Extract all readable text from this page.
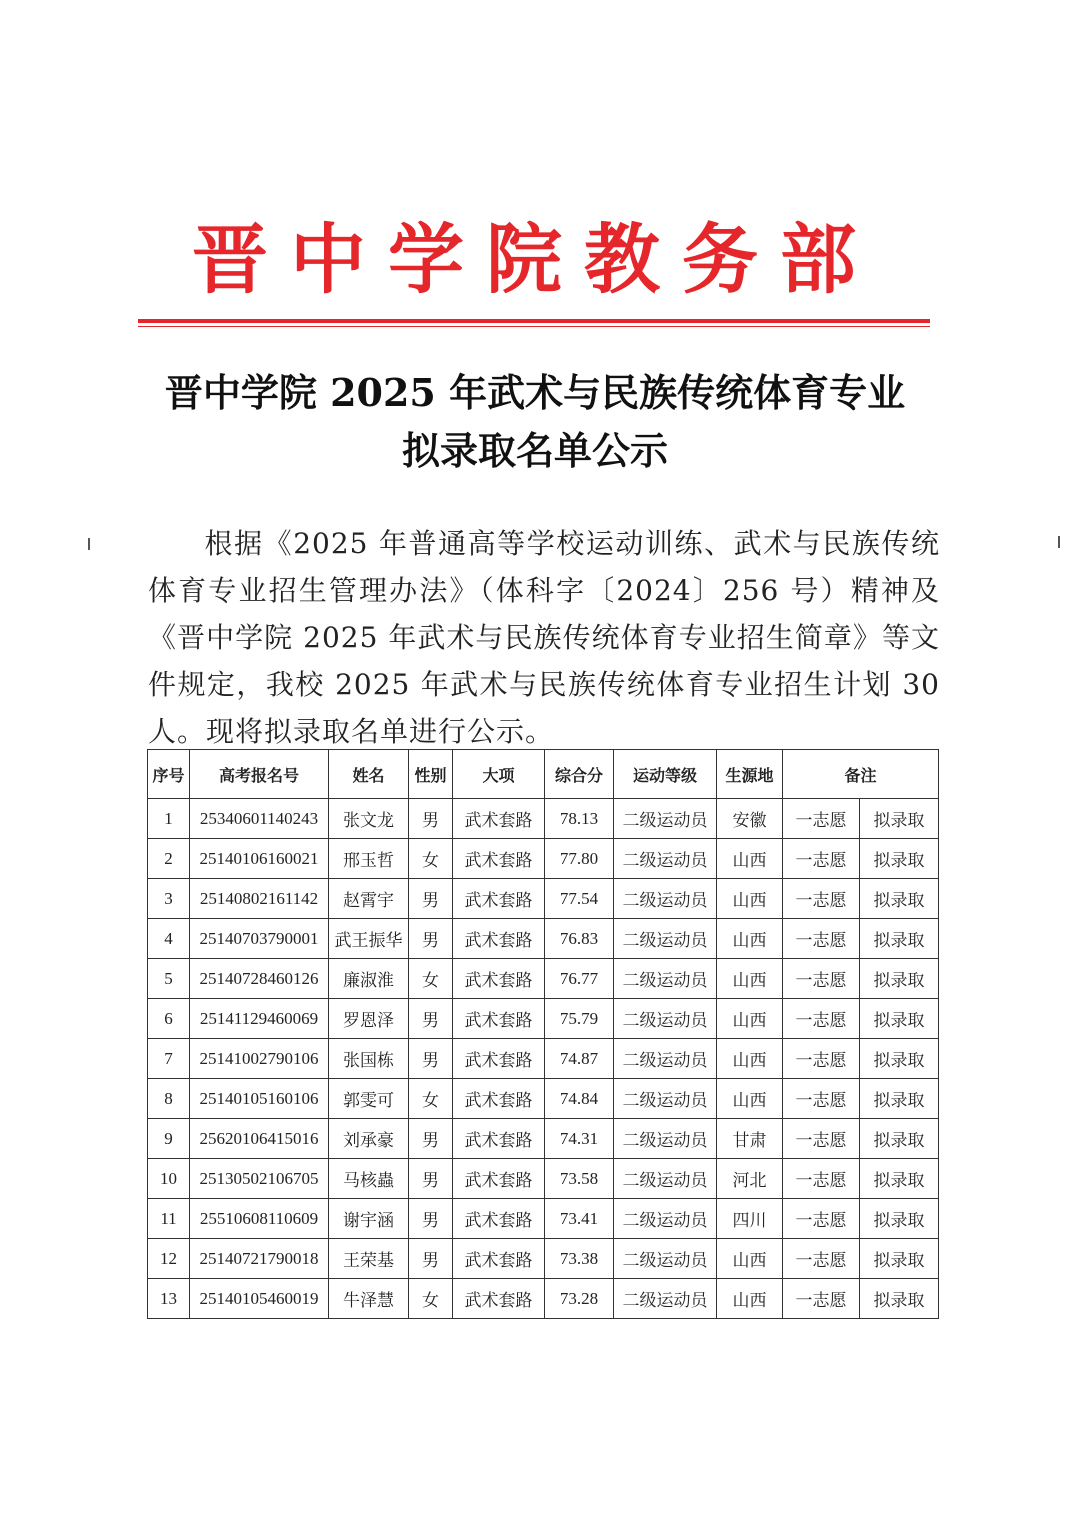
晋中学院教务部
晋中学院 2025 年武术与民族传统体育专业
拟录取名单公示
根据《2025 年普通高等学校运动训练、武术与民族传统体育专业招生管理办法》（体科字〔2024〕256 号）精神及《晋中学院 2025 年武术与民族传统体育专业招生简章》等文件规定，我校 2025 年武术与民族传统体育专业招生计划 30 人。现将拟录取名单进行公示。
序号	高考报名号	姓名	性别	大项	综合分	运动等级	生源地	备注	
1	25340601140243	张文龙	男	武术套路	78.13	二级运动员	安徽	一志愿	拟录取
2	25140106160021	邢玉哲	女	武术套路	77.80	二级运动员	山西	一志愿	拟录取
3	25140802161142	赵霄宇	男	武术套路	77.54	二级运动员	山西	一志愿	拟录取
4	25140703790001	武王振华	男	武术套路	76.83	二级运动员	山西	一志愿	拟录取
5	25140728460126	廉淑淮	女	武术套路	76.77	二级运动员	山西	一志愿	拟录取
6	25141129460069	罗恩泽	男	武术套路	75.79	二级运动员	山西	一志愿	拟录取
7	25141002790106	张国栋	男	武术套路	74.87	二级运动员	山西	一志愿	拟录取
8	25140105160106	郭雯可	女	武术套路	74.84	二级运动员	山西	一志愿	拟录取
9	25620106415016	刘承豪	男	武术套路	74.31	二级运动员	甘肃	一志愿	拟录取
10	25130502106705	马核蟲	男	武术套路	73.58	二级运动员	河北	一志愿	拟录取
11	25510608110609	谢宇涵	男	武术套路	73.41	二级运动员	四川	一志愿	拟录取
12	25140721790018	王荣基	男	武术套路	73.38	二级运动员	山西	一志愿	拟录取
13	25140105460019	牛泽慧	女	武术套路	73.28	二级运动员	山西	一志愿	拟录取
